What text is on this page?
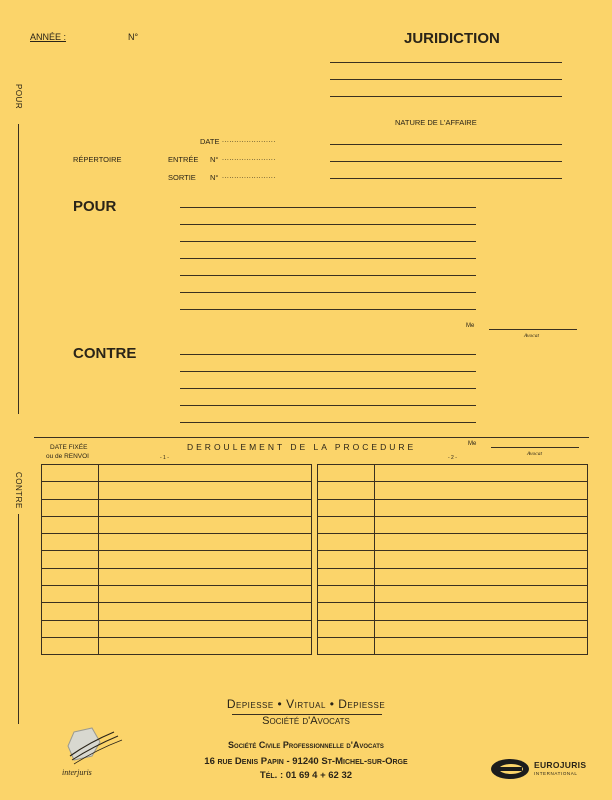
ANNÉE :	N°	JURIDICTION
POUR
CONTRE
NATURE DE L'AFFAIRE
DATE ......................
RÉPERTOIRE	ENTRÉE N° ......................
SORTIE N° ......................
POUR
Me
Avocat
CONTRE
Me
Avocat
DATE FIXÉE
ou de RENVOI
DEROULEMENT DE LA PROCEDURE
- 1 -	- 2 -

Depiesse • Virtual • Depiesse
Société d'Avocats
Société Civile Professionnelle d'Avocats
16 rue Denis Papin - 91240 St-Michel-sur-Orge
Tél. : 01 69 4 + 62 32
interjuris
EUROJURIS
INTERNATIONAL
